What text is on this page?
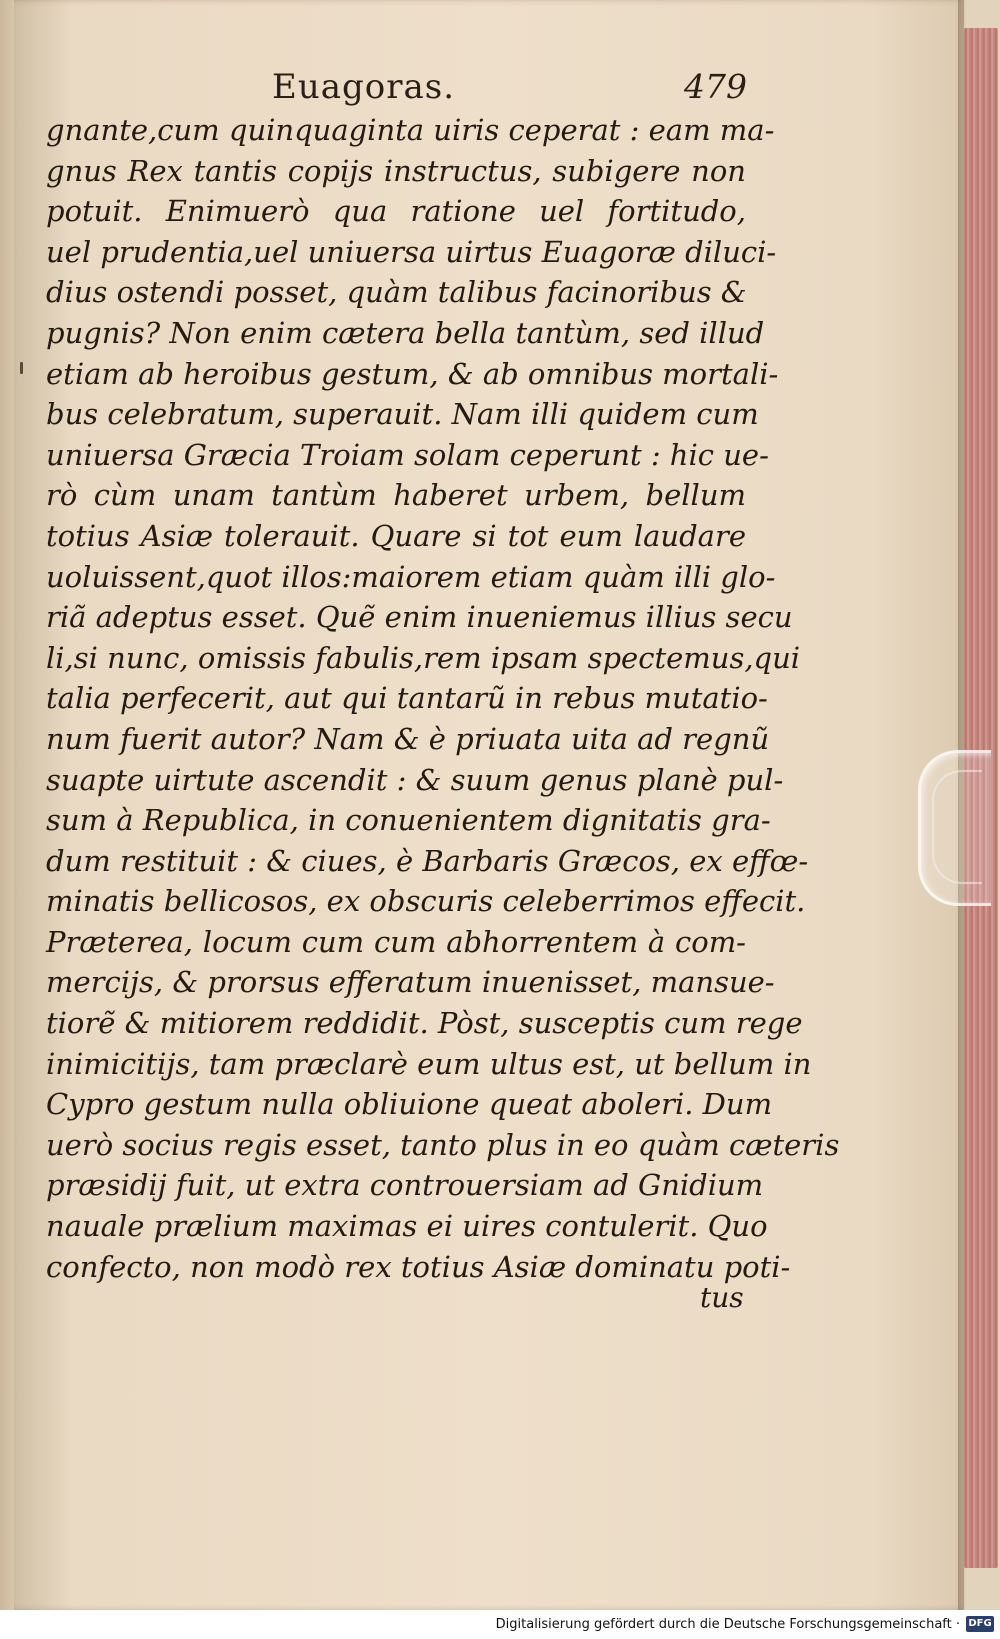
Euagoras.	479
gnante,cum quinquaginta uiris ceperat : eam ma-
gnus Rex tantis copijs instructus, subigere non
potuit. Enimuerò qua ratione uel fortitudo,
uel prudentia,uel uniuersa uirtus Euagoræ diluci-
dius ostendi posset, quàm talibus facinoribus &
pugnis? Non enim cætera bella tantùm, sed illud
etiam ab heroibus gestum, & ab omnibus mortali-
bus celebratum, superauit. Nam illi quidem cum
uniuersa Græcia Troiam solam ceperunt : hic ue-
rò cùm unam tantùm haberet urbem, bellum
totius Asiæ tolerauit. Quare si tot eum laudare
uoluissent,quot illos:maiorem etiam quàm illi glo-
riã adeptus esset. Quẽ enim inueniemus illius secu
li,si nunc, omissis fabulis,rem ipsam spectemus,qui
talia perfecerit, aut qui tantarũ in rebus mutatio-
num fuerit autor? Nam & è priuata uita ad regnũ
suapte uirtute ascendit : & suum genus planè pul-
sum à Republica, in conuenientem dignitatis gra-
dum restituit : & ciues, è Barbaris Græcos, ex effœ-
minatis bellicosos, ex obscuris celeberrimos effecit.
Præterea, locum cum cum abhorrentem à com-
mercijs, & prorsus efferatum inuenisset, mansue-
tiorẽ & mitiorem reddidit. Pòst, susceptis cum rege
inimicitijs, tam præclarè eum ultus est, ut bellum in
Cypro gestum nulla obliuione queat aboleri. Dum
uerò socius regis esset, tanto plus in eo quàm cæteris
præsidij fuit, ut extra controuersiam ad Gnidium
nauale prælium maximas ei uires contulerit. Quo
confecto, non modò rex totius Asiæ dominatu poti-
tus
Digitalisierung gefördert durch die Deutsche Forschungsgemeinschaft · DFG
